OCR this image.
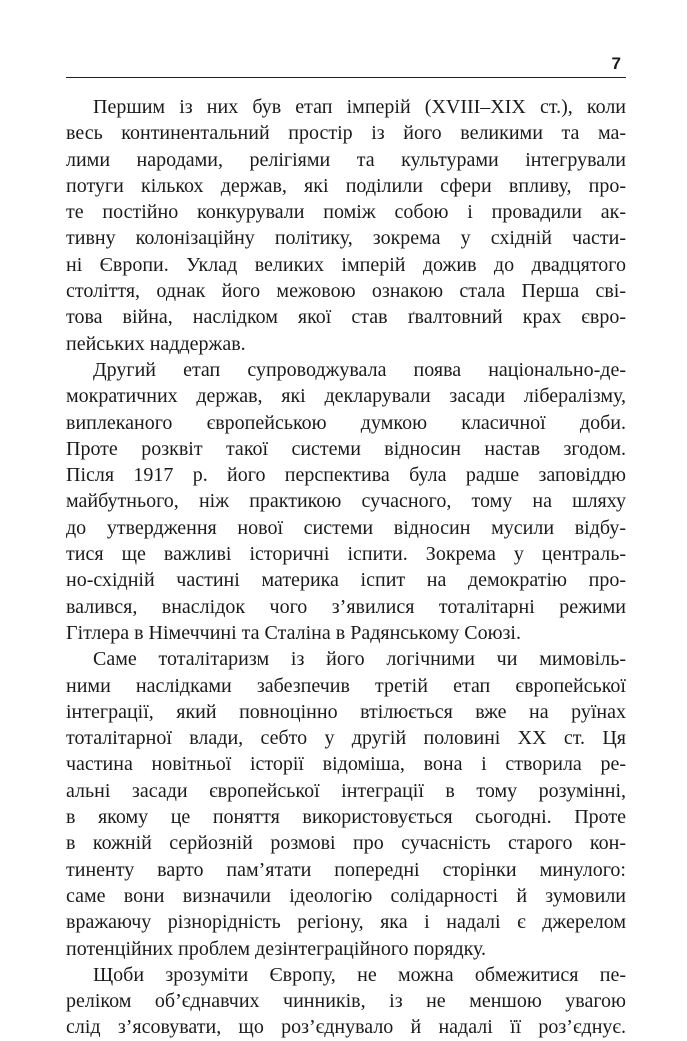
7

Першим із них був етап імперій (XVIII–XIX ст.), коли
весь континентальний простір із його великими та ма-
лими народами, релігіями та культурами інтегрували
потуги кількох держав, які поділили сфери впливу, про-
те постійно конкурували поміж собою і провадили ак-
тивну колонізаційну політику, зокрема у східній части-
ні Європи. Уклад великих імперій дожив до двадцятого
століття, однак його межовою ознакою стала Перша сві-
това війна, наслідком якої став ґвалтовний крах євро-
пейських наддержав.

Другий етап супроводжувала поява національно-де-
мократичних держав, які декларували засади лібералізму,
виплеканого європейською думкою класичної доби.
Проте розквіт такої системи відносин настав згодом.
Після 1917 р. його перспектива була радше заповіддю
майбутнього, ніж практикою сучасного, тому на шляху
до утвердження нової системи відносин мусили відбу-
тися ще важливі історичні іспити. Зокрема у централь-
но-східній частині материка іспит на демократію про-
валився, внаслідок чого з’явилися тоталітарні режими
Гітлера в Німеччині та Сталіна в Радянському Союзі.

Саме тоталітаризм із його логічними чи мимовіль-
ними наслідками забезпечив третій етап європейської
інтеграції, який повноцінно втілюється вже на руїнах
тоталітарної влади, себто у другій половині XX ст. Ця
частина новітньої історії відоміша, вона і створила ре-
альні засади європейської інтеграції в тому розумінні,
в якому це поняття використовується сьогодні. Проте
в кожній серйозній розмові про сучасність старого кон-
тиненту варто пам’ятати попередні сторінки минулого:
саме вони визначили ідеологію солідарності й зумовили
вражаючу різнорідність регіону, яка і надалі є джерелом
потенційних проблем дезінтеграційного порядку.

Щоби зрозуміти Європу, не можна обмежитися пе-
реліком об’єднавчих чинників, із не меншою увагою
слід з’ясовувати, що роз’єднувало й надалі її роз’єднує.
